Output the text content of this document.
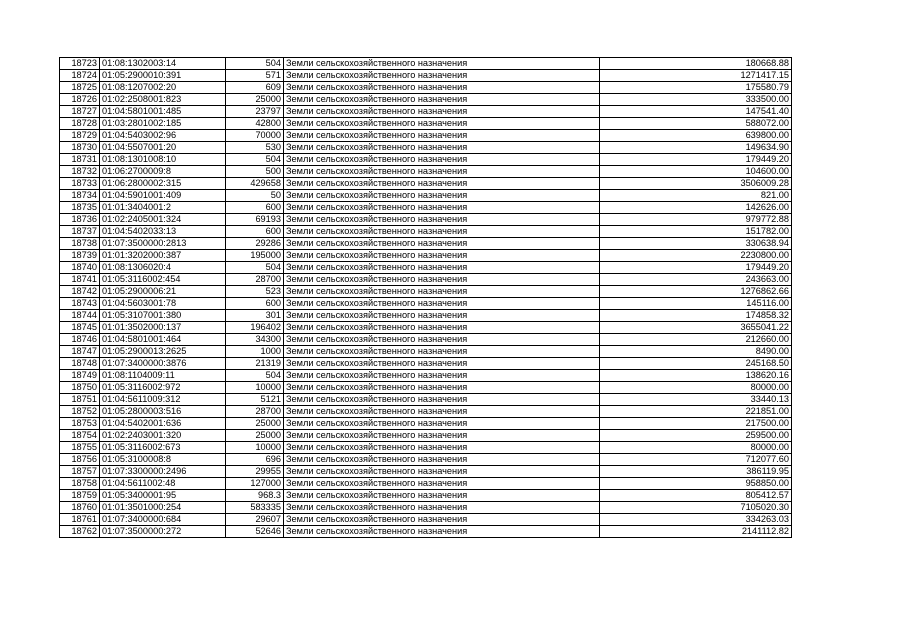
18723	01:08:1302003:14	504	Земли сельскохозяйственного назначения	180668.88
18724	01:05:2900010:391	571	Земли сельскохозяйственного назначения	1271417.15
18725	01:08:1207002:20	609	Земли сельскохозяйственного назначения	175580.79
18726	01:02:2508001:823	25000	Земли сельскохозяйственного назначения	333500.00
18727	01:04:5801001:485	23797	Земли сельскохозяйственного назначения	147541.40
18728	01:03:2801002:185	42800	Земли сельскохозяйственного назначения	588072.00
18729	01:04:5403002:96	70000	Земли сельскохозяйственного назначения	639800.00
18730	01:04:5507001:20	530	Земли сельскохозяйственного назначения	149634.90
18731	01:08:1301008:10	504	Земли сельскохозяйственного назначения	179449.20
18732	01:06:2700009:8	500	Земли сельскохозяйственного назначения	104600.00
18733	01:06:2800002:315	429658	Земли сельскохозяйственного назначения	3506009.28
18734	01:04:5901001:409	50	Земли сельскохозяйственного назначения	821.00
18735	01:01:3404001:2	600	Земли сельскохозяйственного назначения	142626.00
18736	01:02:2405001:324	69193	Земли сельскохозяйственного назначения	979772.88
18737	01:04:5402033:13	600	Земли сельскохозяйственного назначения	151782.00
18738	01:07:3500000:2813	29286	Земли сельскохозяйственного назначения	330638.94
18739	01:01:3202000:387	195000	Земли сельскохозяйственного назначения	2230800.00
18740	01:08:1306020:4	504	Земли сельскохозяйственного назначения	179449.20
18741	01:05:3116002:454	28700	Земли сельскохозяйственного назначения	243663.00
18742	01:05:2900006:21	523	Земли сельскохозяйственного назначения	1276862.66
18743	01:04:5603001:78	600	Земли сельскохозяйственного назначения	145116.00
18744	01:05:3107001:380	301	Земли сельскохозяйственного назначения	174858.32
18745	01:01:3502000:137	196402	Земли сельскохозяйственного назначения	3655041.22
18746	01:04:5801001:464	34300	Земли сельскохозяйственного назначения	212660.00
18747	01:05:2900013:2625	1000	Земли сельскохозяйственного назначения	8490.00
18748	01:07:3400000:3876	21319	Земли сельскохозяйственного назначения	245168.50
18749	01:08:1104009:11	504	Земли сельскохозяйственного назначения	138620.16
18750	01:05:3116002:972	10000	Земли сельскохозяйственного назначения	80000.00
18751	01:04:5611009:312	5121	Земли сельскохозяйственного назначения	33440.13
18752	01:05:2800003:516	28700	Земли сельскохозяйственного назначения	221851.00
18753	01:04:5402001:636	25000	Земли сельскохозяйственного назначения	217500.00
18754	01:02:2403001:320	25000	Земли сельскохозяйственного назначения	259500.00
18755	01:05:3116002:673	10000	Земли сельскохозяйственного назначения	80000.00
18756	01:05:3100008:8	696	Земли сельскохозяйственного назначения	712077.60
18757	01:07:3300000:2496	29955	Земли сельскохозяйственного назначения	386119.95
18758	01:04:5611002:48	127000	Земли сельскохозяйственного назначения	958850.00
18759	01:05:3400001:95	968.3	Земли сельскохозяйственного назначения	805412.57
18760	01:01:3501000:254	583335	Земли сельскохозяйственного назначения	7105020.30
18761	01:07:3400000:684	29607	Земли сельскохозяйственного назначения	334263.03
18762	01:07:3500000:272	52646	Земли сельскохозяйственного назначения	2141112.82
